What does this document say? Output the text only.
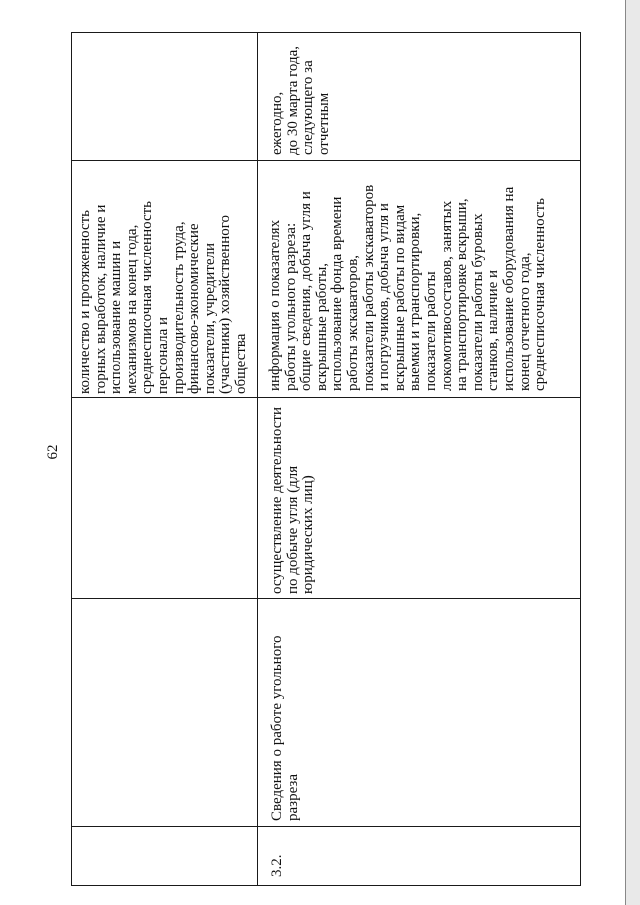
62
количество и протяженность
горных выработок, наличие и
использование машин и
механизмов на конец года,
среднесписочная численность
персонала и
производительность труда,
финансово-экономические
показатели, учредители
(участники) хозяйственного
общества
3.2.
Сведения о работе угольного
разреза
осуществление деятельности
по добыче угля (для
юридических лиц)
информация о показателях
работы угольного разреза:
общие сведения, добыча угля и
вскрышные работы,
использование фонда времени
работы экскаваторов,
показатели работы экскаваторов
и погрузчиков, добыча угля и
вскрышные работы по видам
выемки и транспортировки,
показатели работы
локомотивосоставов, занятых
на транспортировке вскрыши,
показатели работы буровых
станков, наличие и
использование оборудования на
конец отчетного года,
среднесписочная численность
ежегодно,
до 30 марта года,
следующего за
отчетным
